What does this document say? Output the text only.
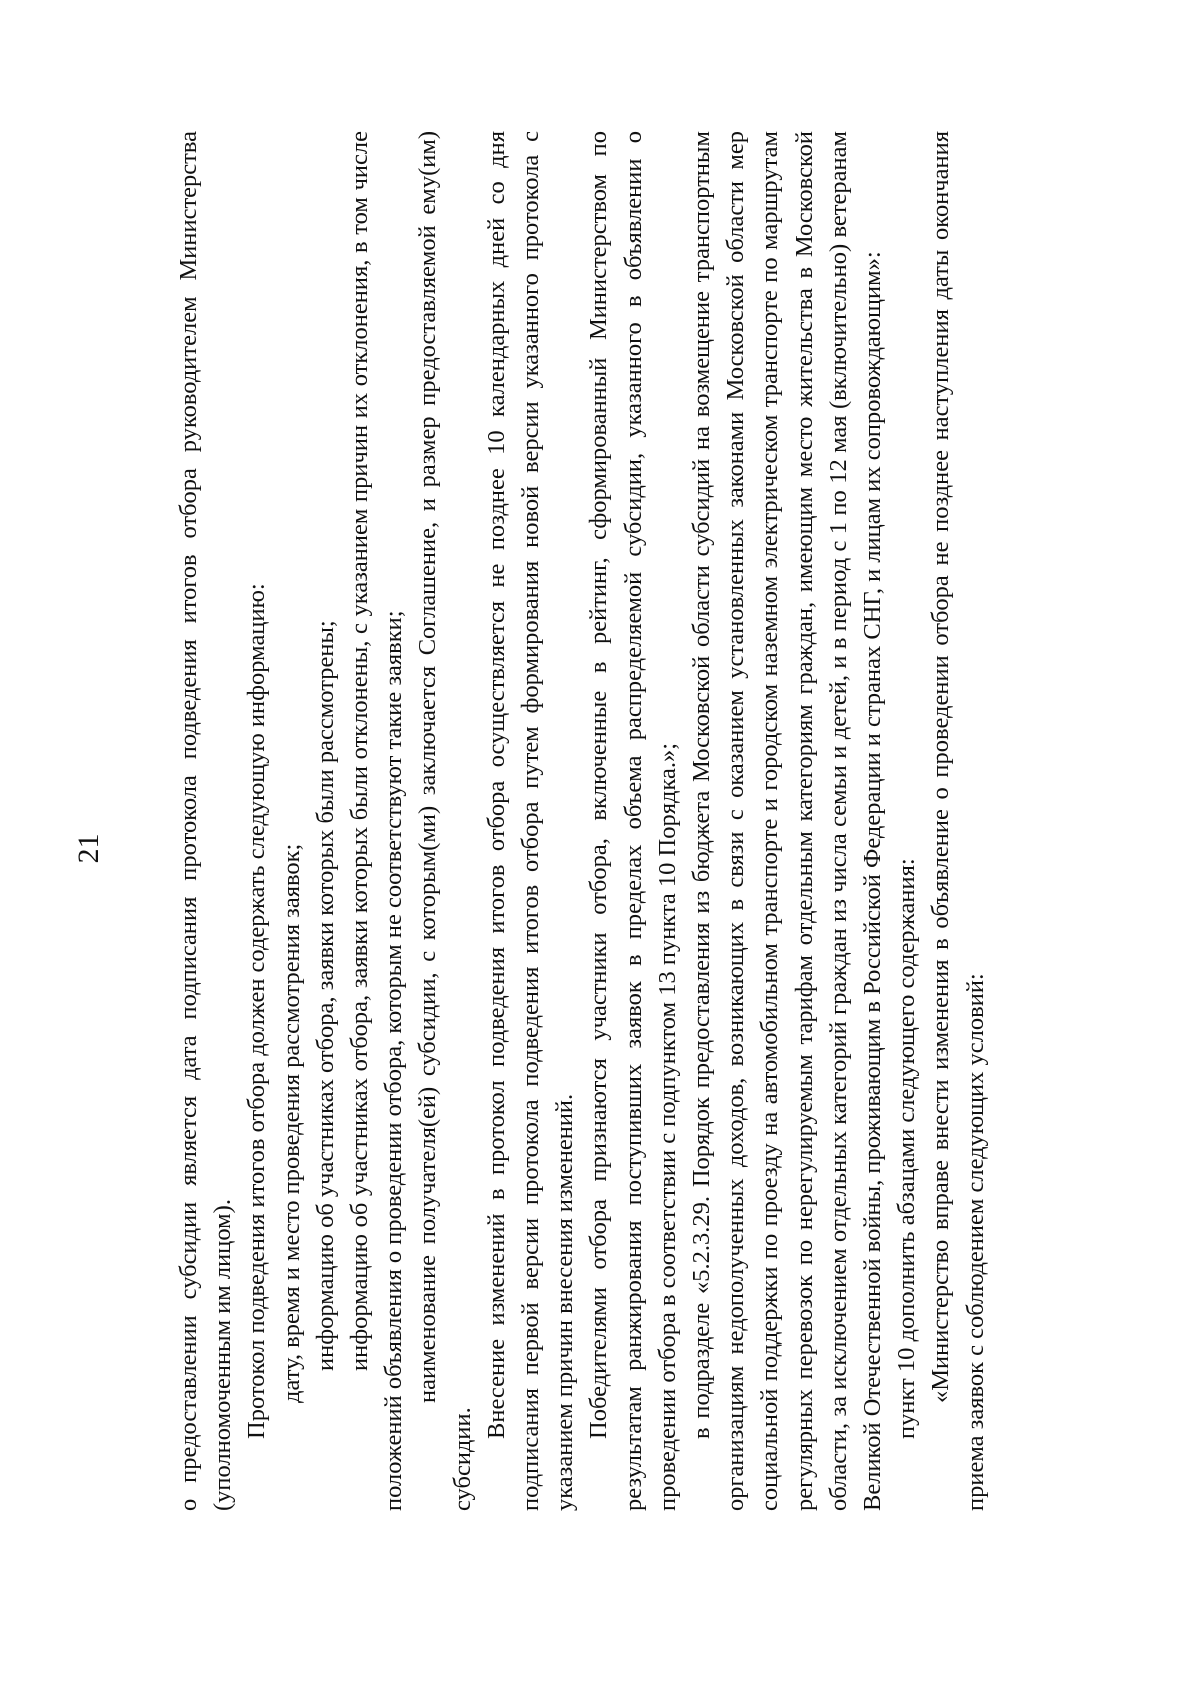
21	о предоставлении субсидии является дата подписания протокола подведения итогов отбора руководителем Министерства (уполномоченным им лицом). Протокол подведения итогов отбора должен содержать следующую информацию: дату, время и место проведения рассмотрения заявок; информацию об участниках отбора, заявки которых были рассмотрены; информацию об участниках отбора, заявки которых были отклонены, с указанием причин их отклонения, в том числе положений объявления о проведении отбора, которым не соответствуют такие заявки; наименование получателя(ей) субсидии, с которым(ми) заключается Соглашение, и размер предоставляемой ему(им) субсидии.

Внесение изменений в протокол подведения итогов отбора осуществляется не позднее 10 календарных дней со дня подписания первой версии протокола подведения итогов отбора путем формирования новой версии указанного протокола с указанием причин внесения изменений. Победителями отбора признаются участники отбора, включенные в рейтинг, сформированный Министерством по результатам ранжирования поступивших заявок в пределах объема распределяемой субсидии, указанного в объявлении о проведении отбора в соответствии с подпунктом 13 пункта 10 Порядка.»; в подразделе «5.2.3.29. Порядок предоставления из бюджета Московской области субсидий на возмещение транспортным организациям недополученных доходов, возникающих в связи с оказанием установленных законами Московской области мер социальной поддержки по проезду на автомобильном транспорте и городском наземном электрическом транспорте по маршрутам регулярных перевозок по нерегулируемым тарифам отдельным категориям граждан, имеющим место жительства в Московской области, за исключением отдельных категорий граждан из числа семьи и детей, и в период с 1 по 12 мая (включительно) ветеранам Великой Отечественной войны, проживающим в Российской Федерации и странах СНГ, и лицам их сопровождающим»: пункт 10 дополнить абзацами следующего содержания: «Министерство вправе внести изменения в объявление о проведении отбора не позднее наступления даты окончания приема заявок с соблюдением следующих условий:
